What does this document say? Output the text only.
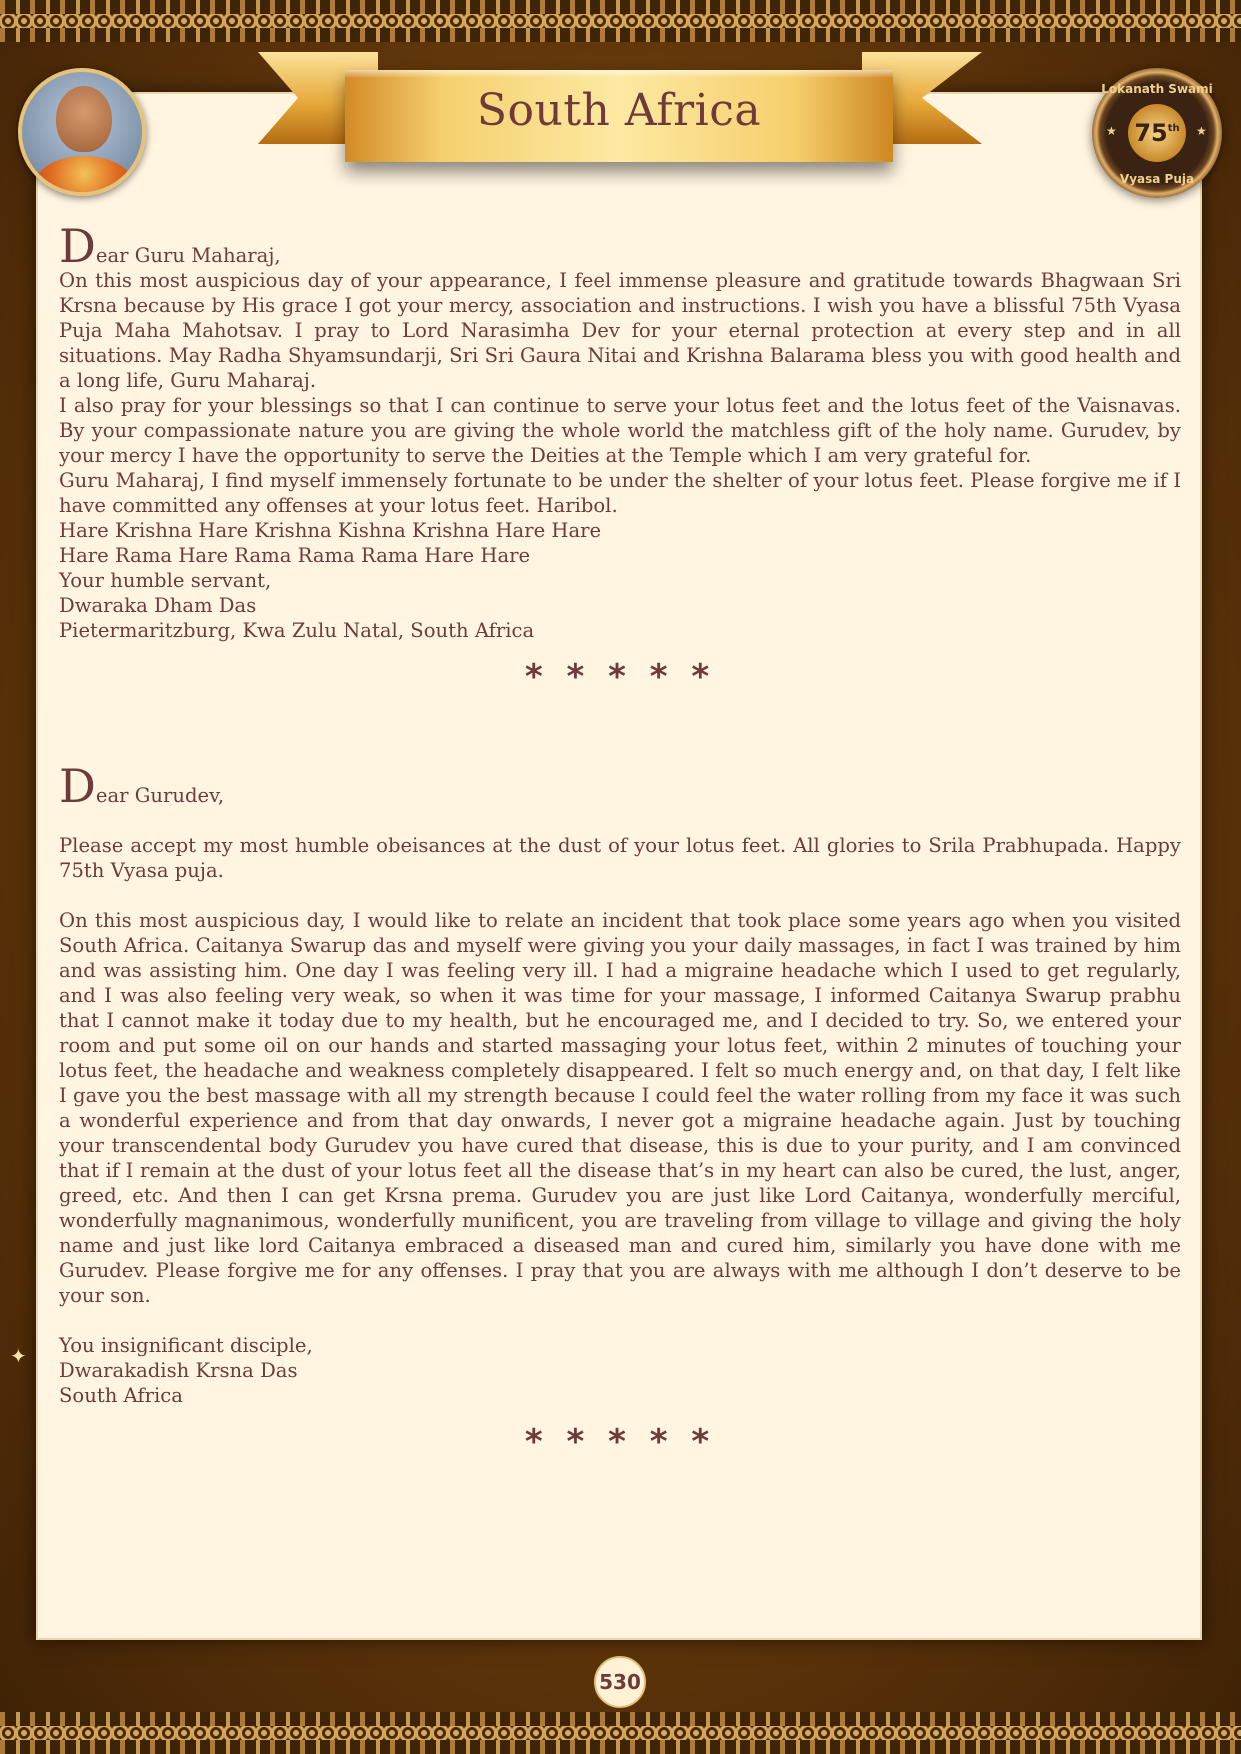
South Africa	Lokanath Swami
★	★
75 th
Vyasa Puja
Dear Guru Maharaj,

On this most auspicious day of your appearance, I feel immense pleasure and gratitude towards Bhagwaan Sri Krsna because by His grace I got your mercy, association and instructions. I wish you have a blissful 75th Vyasa Puja Maha Mahotsav. I pray to Lord Narasimha Dev for your eternal protection at every step and in all situations. May Radha Shyamsundarji, Sri Sri Gaura Nitai and Krishna Balarama bless you with good health and a long life, Guru Maharaj.

I also pray for your blessings so that I can continue to serve your lotus feet and the lotus feet of the Vaisnavas. By your compassionate nature you are giving the whole world the matchless gift of the holy name. Gurudev, by your mercy I have the opportunity to serve the Deities at the Temple which I am very grateful for.

Guru Maharaj, I find myself immensely fortunate to be under the shelter of your lotus feet. Please forgive me if I have committed any offenses at your lotus feet. Haribol.

Hare Krishna Hare Krishna Kishna Krishna Hare Hare
Hare Rama Hare Rama Rama Rama Hare Hare
Your humble servant,
Dwaraka Dham Das
Pietermaritzburg, Kwa Zulu Natal, South Africa
* * * * *
Dear Gurudev,

Please accept my most humble obeisances at the dust of your lotus feet. All glories to Srila Prabhupada. Happy 75th Vyasa puja.

On this most auspicious day, I would like to relate an incident that took place some years ago when you visited South Africa. Caitanya Swarup das and myself were giving you your daily massages, in fact I was trained by him and was assisting him. One day I was feeling very ill. I had a migraine headache which I used to get regularly, and I was also feeling very weak, so when it was time for your massage, I informed Caitanya Swarup prabhu that I cannot make it today due to my health, but he encouraged me, and I decided to try. So, we entered your room and put some oil on our hands and started massaging your lotus feet, within 2 minutes of touching your lotus feet, the headache and weakness completely disappeared. I felt so much energy and, on that day, I felt like I gave you the best massage with all my strength because I could feel the water rolling from my face it was such a wonderful experience and from that day onwards, I never got a migraine headache again. Just by touching your transcendental body Gurudev you have cured that disease, this is due to your purity, and I am convinced that if I remain at the dust of your lotus feet all the disease that’s in my heart can also be cured, the lust, anger, greed, etc. And then I can get Krsna prema. Gurudev you are just like Lord Caitanya, wonderfully merciful, wonderfully magnanimous, wonderfully munificent, you are traveling from village to village and giving the holy name and just like lord Caitanya embraced a diseased man and cured him, similarly you have done with me Gurudev. Please forgive me for any offenses. I pray that you are always with me although I don’t deserve to be your son.

You insignificant disciple,
Dwarakadish Krsna Das
South Africa
* * * * *
✦
530
